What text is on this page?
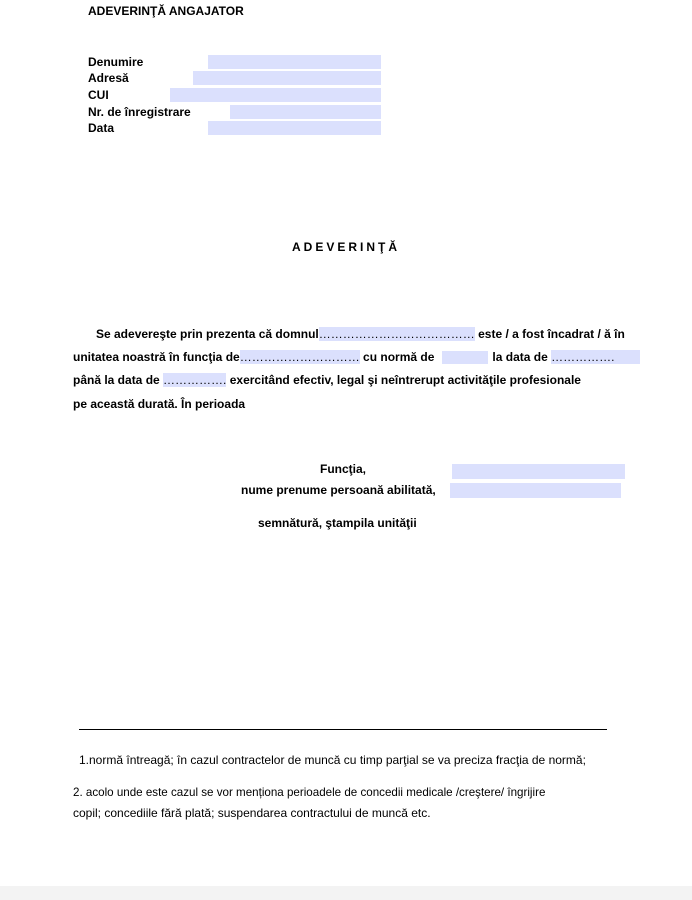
ADEVERINŢĂ ANGAJATOR
Denumire
Adresă
CUI
Nr. de înregistrare
Data
ADEVERINŢĂ
Se adevereşte prin prezenta că domnul………………………………… este / a fost încadrat / ă în
unitatea noastră în funcţia de………………………… cu normă de	la data de …………….
până la data de ……………. exercitând efectiv, legal şi neîntrerupt activităţile profesionale
pe această durată. În perioada
Funcţia,
nume prenume persoană abilitată,
semnătură, ştampila unităţii
1.normă întreagă; în cazul contractelor de muncă cu timp parţial se va preciza fracţia de normă;
2. acolo unde este cazul se vor menționa perioadele de concedii medicale /creştere/ îngrijire
copil; concediile fără plată; suspendarea contractului de muncă etc.
